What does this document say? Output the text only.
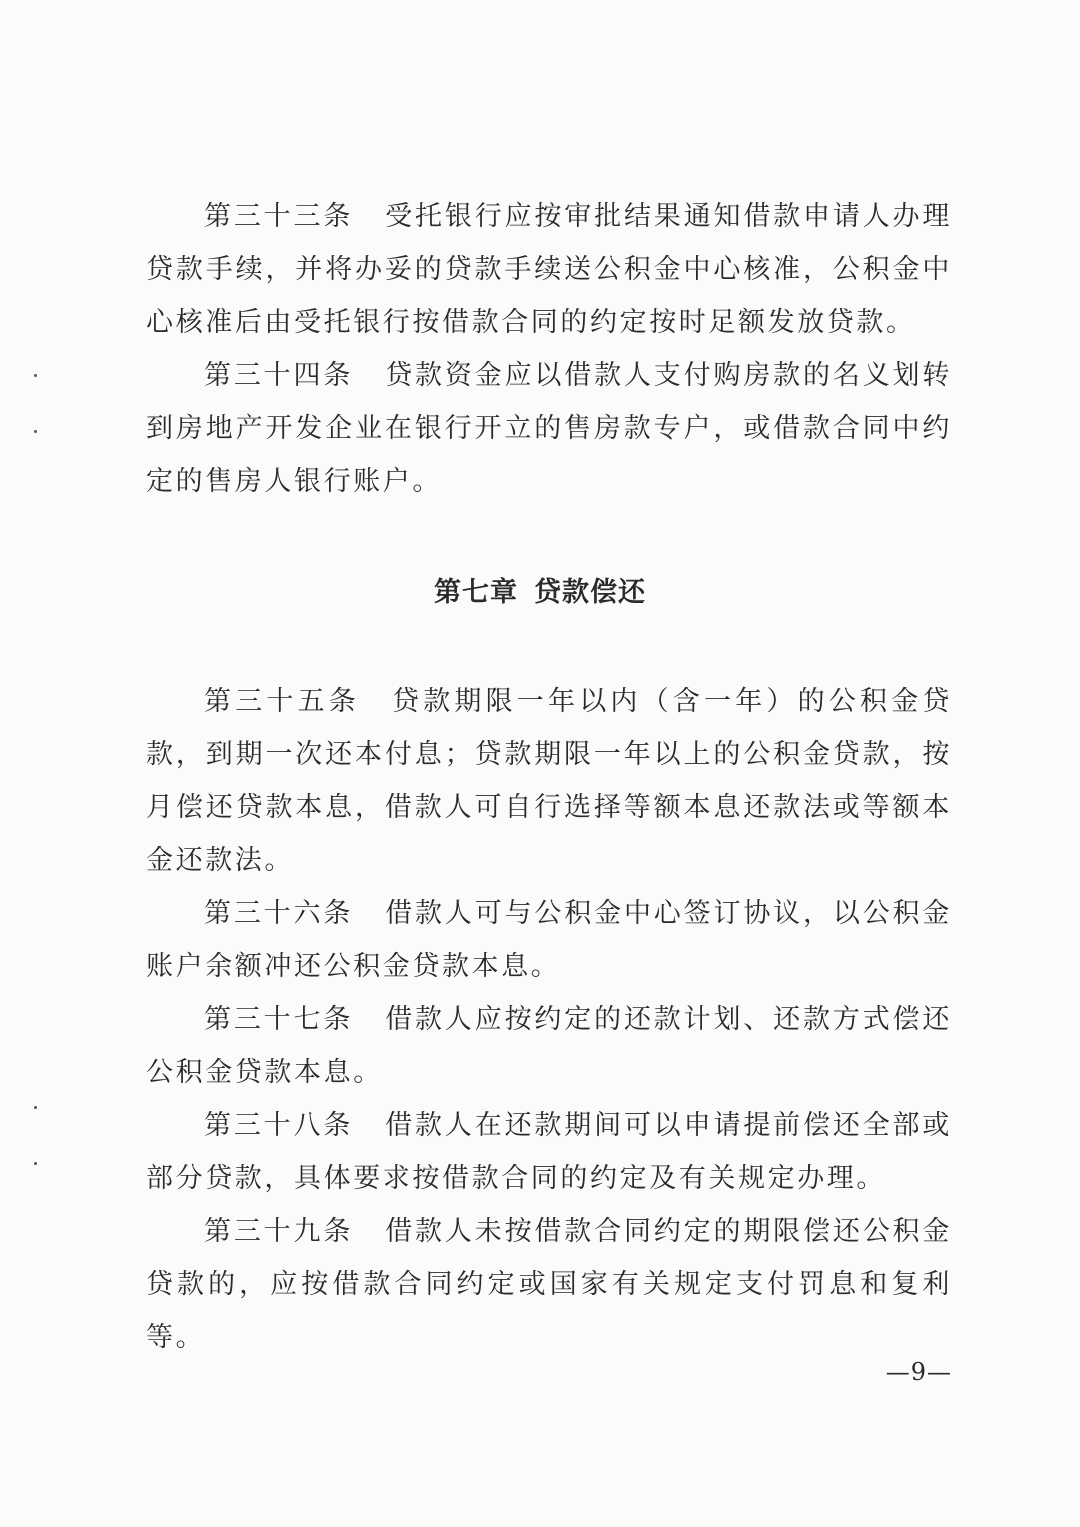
第三十三条 受托银行应按审批结果通知借款申请人办理贷款手续，并将办妥的贷款手续送公积金中心核准，公积金中心核准后由受托银行按借款合同的约定按时足额发放贷款。

第三十四条 贷款资金应以借款人支付购房款的名义划转到房地产开发企业在银行开立的售房款专户，或借款合同中约定的售房人银行账户。

第七章 贷款偿还

第三十五条 贷款期限一年以内（含一年）的公积金贷款，到期一次还本付息；贷款期限一年以上的公积金贷款，按月偿还贷款本息，借款人可自行选择等额本息还款法或等额本金还款法。

第三十六条 借款人可与公积金中心签订协议，以公积金账户余额冲还公积金贷款本息。

第三十七条 借款人应按约定的还款计划、还款方式偿还公积金贷款本息。

第三十八条 借款人在还款期间可以申请提前偿还全部或部分贷款，具体要求按借款合同的约定及有关规定办理。

第三十九条 借款人未按借款合同约定的期限偿还公积金贷款的，应按借款合同约定或国家有关规定支付罚息和复利等。

—9—
